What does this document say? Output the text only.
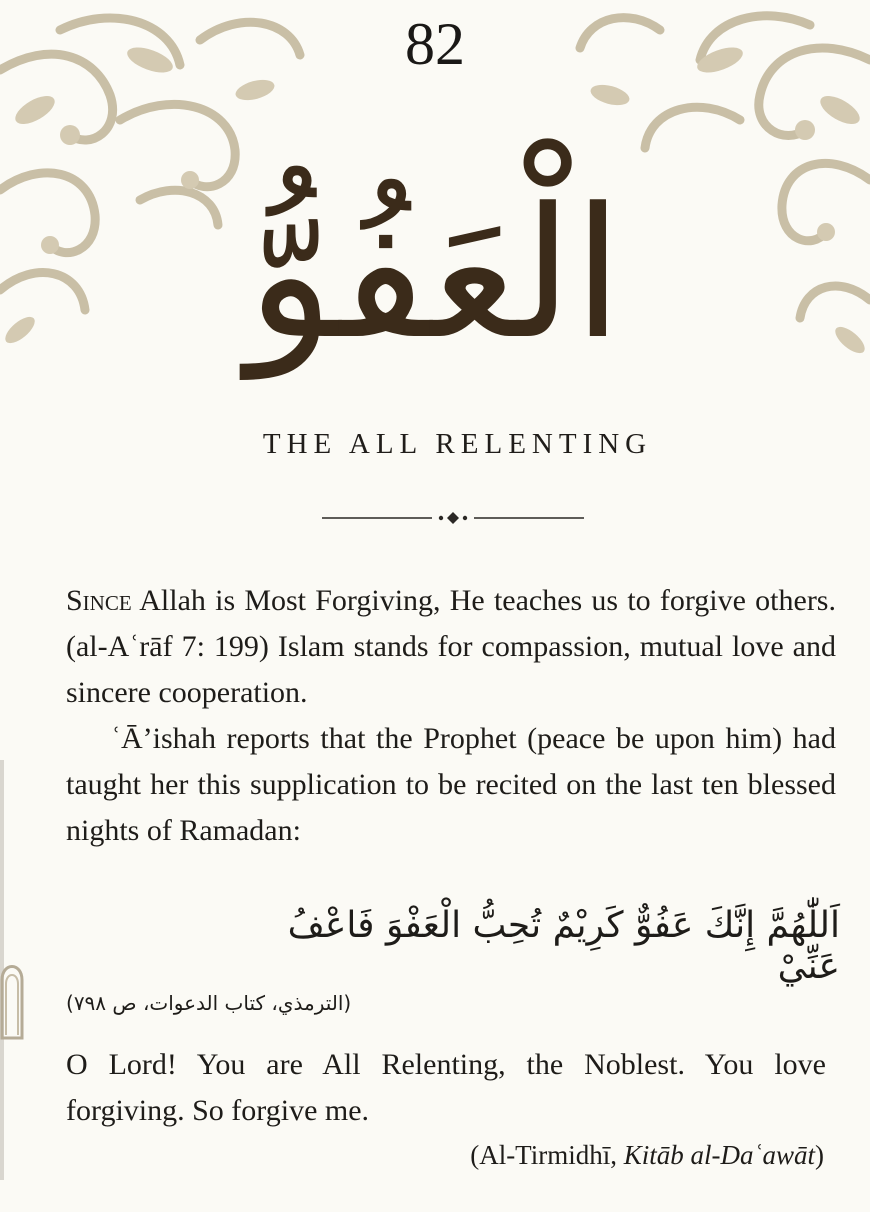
82
الْعَفُوُّ
THE ALL RELENTING

Since Allah is Most Forgiving, He teaches us to forgive others. (al-Aʿrāf 7: 199) Islam stands for compassion, mutual love and sincere cooperation.

ʿĀ’ishah reports that the Prophet (peace be upon him) had taught her this supplication to be recited on the last ten blessed nights of Ramadan:

اَللّٰهُمَّ إِنَّكَ عَفُوٌّ كَرِيْمٌ تُحِبُّ الْعَفْوَ فَاعْفُ عَنِّيْ
(الترمذي، كتاب الدعوات، ص ٧٩٨)
O Lord! You are All Relenting, the Noblest. You love forgiving. So forgive me.
(Al-Tirmidhī, Kitāb al-Daʿawāt)
